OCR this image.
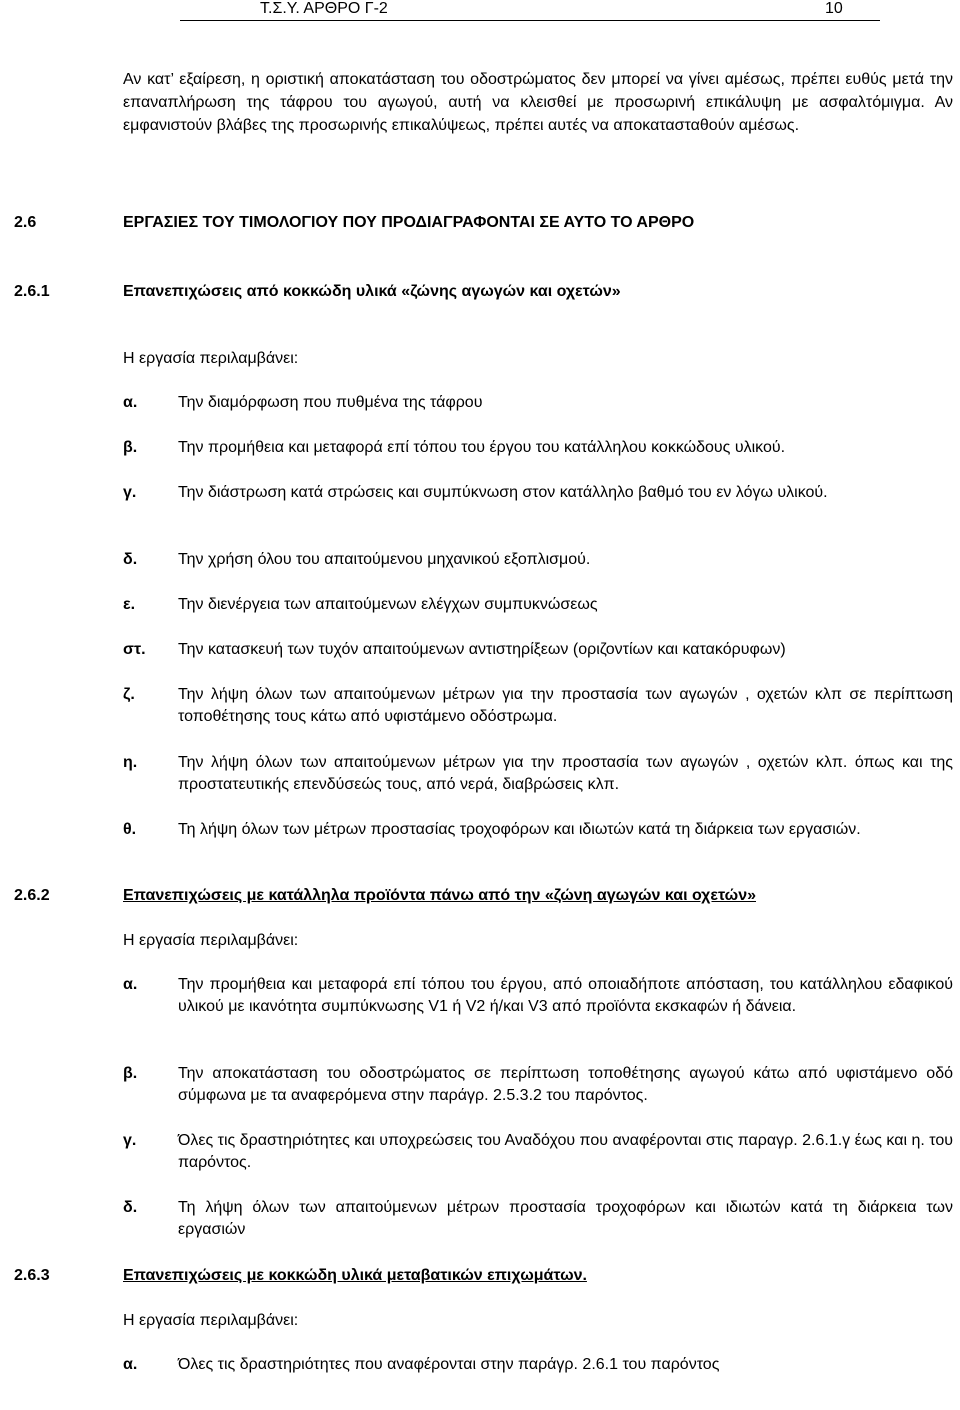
Τ.Σ.Υ. ΑΡΘΡΟ Γ-2	10

Αν κατ’ εξαίρεση, η οριστική αποκατάσταση του οδοστρώματος δεν μπορεί να γίνει αμέσως, πρέπει ευθύς μετά την επαναπλήρωση της τάφρου του αγωγού, αυτή να κλεισθεί με προσωρινή επικάλυψη με ασφαλτόμιγμα. Αν εμφανιστούν βλάβες της προσωρινής επικαλύψεως, πρέπει αυτές να αποκατασταθούν αμέσως.

2.6	ΕΡΓΑΣΙΕΣ ΤΟΥ ΤΙΜΟΛΟΓΙΟΥ ΠΟΥ ΠΡΟΔΙΑΓΡΑΦΟΝΤΑΙ ΣΕ ΑΥΤΟ ΤΟ ΑΡΘΡΟ
2.6.1	Επανεπιχώσεις από κοκκώδη υλικά «ζώνης αγωγών και οχετών»
Η εργασία περιλαμβάνει:
α.	Την διαμόρφωση που πυθμένα της τάφρου
β.	Την προμήθεια και μεταφορά επί τόπου του έργου του κατάλληλου κοκκώδους υλικού.
γ.	Την διάστρωση κατά στρώσεις και συμπύκνωση στον κατάλληλο βαθμό του εν λόγω υλικού.
δ.	Την χρήση όλου του απαιτούμενου μηχανικού εξοπλισμού.
ε.	Την διενέργεια των απαιτούμενων ελέγχων συμπυκνώσεως
στ. Την κατασκευή των τυχόν απαιτούμενων αντιστηρίξεων (οριζοντίων και κατακόρυφων)
ζ.	Την λήψη όλων των απαιτούμενων μέτρων για την προστασία των αγωγών , οχετών κλπ σε περίπτωση τοποθέτησης τους κάτω από υφιστάμενο οδόστρωμα.
η.	Την λήψη όλων των απαιτούμενων μέτρων για την προστασία των αγωγών , οχετών κλπ. όπως και της προστατευτικής επενδύσεώς τους, από νερά, διαβρώσεις κλπ.
θ.	Τη λήψη όλων των μέτρων προστασίας τροχοφόρων και ιδιωτών κατά τη διάρκεια των εργασιών.
2.6.2	Επανεπιχώσεις με κατάλληλα προϊόντα πάνω από την «ζώνη αγωγών και οχετών»
Η εργασία περιλαμβάνει:
α.	Την προμήθεια και μεταφορά επί τόπου του έργου, από οποιαδήποτε απόσταση, του κατάλληλου εδαφικού υλικού με ικανότητα συμπύκνωσης V1 ή V2 ή/και V3 από προϊόντα εκσκαφών ή δάνεια.
β.	Την αποκατάσταση του οδοστρώματος σε περίπτωση τοποθέτησης αγωγού κάτω από υφιστάμενο οδό σύμφωνα με τα αναφερόμενα στην παράγρ. 2.5.3.2 του παρόντος.
γ.	Όλες τις δραστηριότητες και υποχρεώσεις του Αναδόχου που αναφέρονται στις παραγρ. 2.6.1.γ έως και η. του παρόντος.
δ.	Τη λήψη όλων των απαιτούμενων μέτρων προστασία τροχοφόρων και ιδιωτών κατά τη διάρκεια των εργασιών
2.6.3	Επανεπιχώσεις με κοκκώδη υλικά μεταβατικών επιχωμάτων.
Η εργασία περιλαμβάνει:
α.	Όλες τις δραστηριότητες που αναφέρονται στην παράγρ. 2.6.1 του παρόντος
